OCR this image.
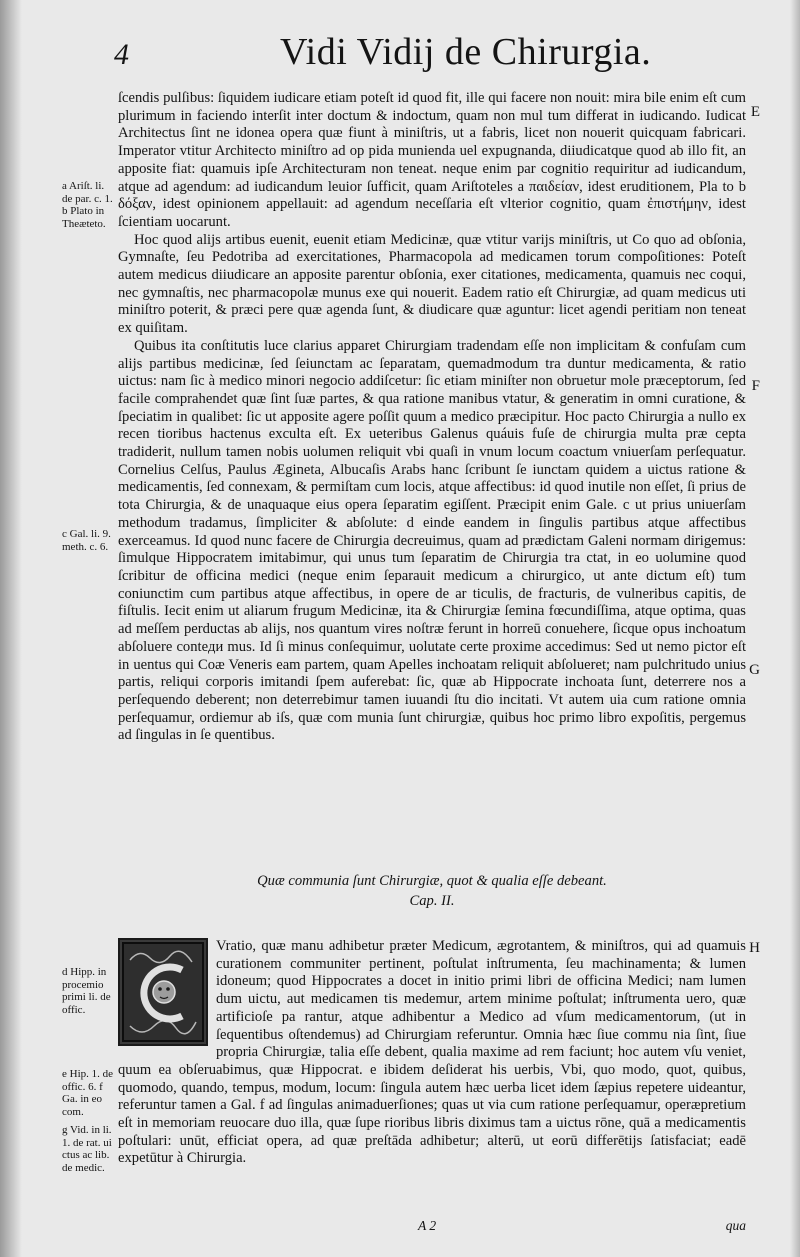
4	Vidi Vidij de Chirurgia.

ſcendis pulſibus: ſiquidem iudicare etiam poteſt id quod fit, ille qui facere non nouit: mira bile enim eſt cum plurimum in faciendo interſit inter doctum & indoctum, quam non mul tum differat in iudicando. Iudicat Architectus ſint ne idonea opera quæ fiunt à miniſtris, ut a fabris, licet non nouerit quicquam fabricari. Imperator vtitur Architecto miniſtro ad op pida munienda uel expugnanda, diiudicatque quod ab illo fit, an apposite fiat: quamuis ipſe Architecturam non teneat. neque enim par cognitio requiritur ad iudicandum, atque ad agendum: ad iudicandum leuior ſufficit, quam Ariſtoteles a παιδείαν, idest eruditionem, Pla to b δόξαν, idest opinionem appellauit: ad agendum neceſſaria eſt vlterior cognitio, quam ἐπιστήμην, idest ſcientiam uocarunt.

Hoc quod alijs artibus euenit, euenit etiam Medicinæ, quæ vtitur varijs miniſtris, ut Co quo ad obſonia, Gymnaſte, ſeu Pedotriba ad exercitationes, Pharmacopola ad medicamen torum compoſitiones: Poteſt autem medicus diiudicare an apposite parentur obſonia, exer citationes, medicamenta, quamuis nec coqui, nec gymnaſtis, nec pharmacopolæ munus exe qui nouerit. Eadem ratio eſt Chirurgiæ, ad quam medicus uti miniſtro poterit, & præci pere quæ agenda ſunt, & diudicare quæ aguntur: licet agendi peritiam non teneat ex quiſitam.

Quibus ita conſtitutis luce clarius apparet Chirurgiam tradendam eſſe non implicitam & confuſam cum alijs partibus medicinæ, ſed ſeiunctam ac ſeparatam, quemadmodum tra duntur medicamenta, & ratio uictus: nam ſic à medico minori negocio addiſcetur: ſic etiam miniſter non obruetur mole præceptorum, ſed facile comprahendet quæ ſint ſuæ partes, & qua ratione manibus vtatur, & generatim in omni curatione, & ſpeciatim in qualibet: ſic ut apposite agere poſſit quum a medico præcipitur. Hoc pacto Chirurgia a nullo ex recen tioribus hactenus exculta eſt. Ex ueteribus Galenus quáuis fuſe de chirurgia multa præ cepta tradiderit, nullum tamen nobis uolumen reliquit vbi quaſi in vnum locum coactum vniuerſam perſequatur. Cornelius Celſus, Paulus Ægineta, Albucaſis Arabs hanc ſcribunt ſe iunctam quidem a uictus ratione & medicamentis, ſed connexam, & permiſtam cum locis, atque affectibus: id quod inutile non eſſet, ſi prius de tota Chirurgia, & de unaquaque eius opera ſeparatim egiſſent. Præcipit enim Gale. c ut prius uniuerſam methodum tradamus, ſimpliciter & abſolute: d einde eandem in ſingulis partibus atque affectibus exerceamus. Id quod nunc facere de Chirurgia decreuimus, quam ad prædictam Galeni normam dirigemus: ſimulque Hippocratem imitabimur, qui unus tum ſeparatim de Chirurgia tra ctat, in eo uolumine quod ſcribitur de officina medici (neque enim ſeparauit medicum a chirurgico, ut ante dictum eſt) tum coniunctim cum partibus atque affectibus, in opere de ar ticulis, de fracturis, de vulneribus capitis, de fiſtulis. Iecit enim ut aliarum frugum Medicinæ, ita & Chirurgiæ ſemina fœcundiſſima, atque optima, quas ad meſſem perductas ab alijs, nos quantum vires noſtræ ferunt in horreū conuehere, ſicque opus inchoatum abſoluere conteди mus. Id ſi minus conſequimur, uolutate certe proxime accedimus: Sed ut nemo pictor eſt in uentus qui Coæ Veneris eam partem, quam Apelles inchoatam reliquit abſolueret; nam pulchritudo unius partis, reliqui corporis imitandi ſpem auferebat: ſic, quæ ab Hippocrate inchoata ſunt, deterrere nos a perſequendo deberent; non deterrebimur tamen iuuandi ſtu dio incitati. Vt autem uia cum ratione omnia perſequamur, ordiemur ab iſs, quæ com munia ſunt chirurgiæ, quibus hoc primo libro expoſitis, pergemus ad ſingulas in ſe quentibus.

Quæ communia ſunt Chirurgiæ, quot & qualia eſſe debeant.
Cap. II.
Vratio, quæ manu adhibetur præter Medicum, ægrotantem, & miniſtros, qui ad quamuis curationem communiter pertinent, poſtulat inſtrumenta, ſeu machinamenta; & lumen idoneum; quod Hippocrates a docet in initio primi libri de officina Medici; nam lumen dum uictu, aut medicamen tis medemur, artem minime poſtulat; inſtrumenta uero, quæ artificioſe pa rantur, atque adhibentur a Medico ad vſum medicamentorum, (ut in ſequentibus oſtendemus) ad Chirurgiam referuntur. Omnia hæc ſiue commu nia ſint, ſiue propria Chirurgiæ, talia eſſe debent, qualia maxime ad rem faciunt; hoc autem vſu veniet, quum ea obſeruabimus, quæ Hippocrat. e ibidem deſiderat his uerbis, Vbi, quo modo, quot, quibus, quomodo, quando, tempus, modum, locum: ſingula autem hæc uerba licet idem ſæpius repetere uideantur, referuntur tamen a Gal. f ad ſingulas animaduerſiones; quas ut via cum ratione perſequamur, operæpretium eſt in memoriam reuocare duo illa, quæ ſupe rioribus libris diximus tam a uictus rōne, quā a medicamentis poſtulari: unūt, efficiat opera, ad quæ preſtāda adhibetur; alterū, ut eorū differētijs ſatisfaciat; eadē expetūtur à Chirurgia.
a Ariſt. li. de par. c. 1. b Plato in Theæteto.
c Gal. li. 9. meth. c. 6.
d Hipp. in procemio primi li. de offic.
e Hip. 1. de offic. 6. f Ga. in eo com.
g Vid. in li. 1. de rat. ui ctus ac lib. de medic.
E
F
G
H
A 2	qua
